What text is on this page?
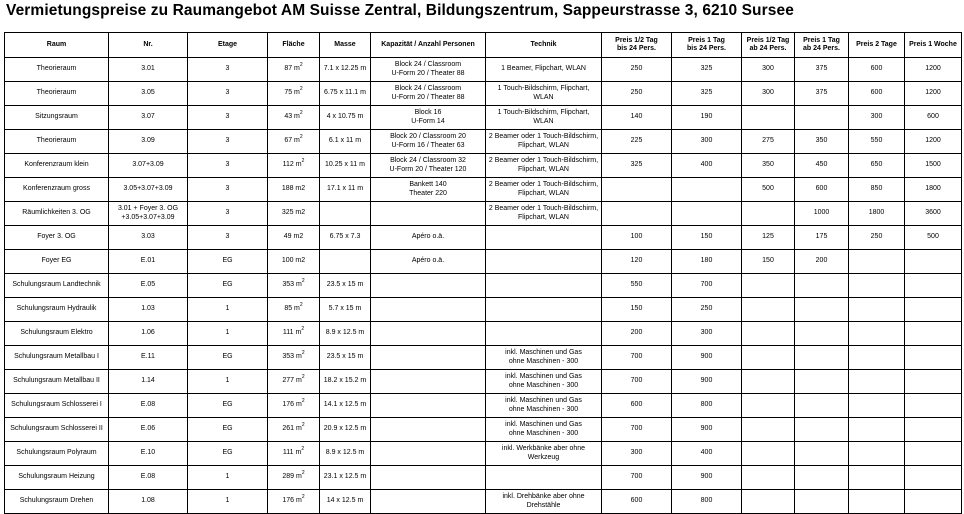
Vermietungspreise zu Raumangebot AM Suisse Zentral, Bildungszentrum, Sappeurstrasse 3, 6210 Sursee
Raum	Nr.	Etage	Fläche	Masse	Kapazität / Anzahl Personen	Technik	Preis 1/2 Tag
bis 24 Pers.	Preis 1 Tag
bis 24 Pers.	Preis 1/2 Tag
ab 24 Pers.	Preis 1 Tag
ab 24 Pers.	Preis 2 Tage	Preis 1 Woche
Theorieraum	3.01	3	87 $m^2$	7.1 x 12.25 m	Block 24 / Classroom
U-Form 20 / Theater 88	1 Beamer, Flipchart, WLAN	250	325	300	375	600	1200
Theorieraum	3.05	3	75 $m^2$	6.75 x 11.1 m	Block 24 / Classroom
U-Form 20 / Theater 88	1 Touch-Bildschirm, Flipchart, WLAN	250	325	300	375	600	1200
Sitzungsraum	3.07	3	43 $m^2$	4 x 10.75 m	Block 16
U-Form 14	1 Touch-Bildschirm, Flipchart, WLAN	140	190			300	600
Theorieraum	3.09	3	67 $m^2$	6.1 x 11 m	Block 20 / Classroom 20
U-Form 16 / Theater 63	2 Beamer oder 1 Touch-Bildschirm,
Flipchart, WLAN	225	300	275	350	550	1200
Konferenzraum klein	3.07+3.09	3	112 $m^2$	10.25 x 11 m	Block 24 / Classroom 32
U-Form 20 / Theater 120	2 Beamer oder 1 Touch-Bildschirm,
Flipchart, WLAN	325	400	350	450	650	1500
Konferenzraum gross	3.05+3.07+3.09	3	188 m2	17.1 x 11 m	Bankett 140
Theater 220	2 Beamer oder 1 Touch-Bildschirm,
Flipchart, WLAN			500	600	850	1800
Räumlichkeiten 3. OG	3.01 + Foyer 3. OG
+3.05+3.07+3.09	3	325 m2			2 Beamer oder 1 Touch-Bildschirm,
Flipchart, WLAN				1000	1800	3600
Foyer 3. OG	3.03	3	49 m2	6.75 x 7.3	Apéro o.ä.		100	150	125	175	250	500
Foyer EG	E.01	EG	100 m2		Apéro o.ä.		120	180	150	200		
Schulungsraum Landtechnik	E.05	EG	353 $m^2$	23.5 x 15 m			550	700				
Schulungsraum Hydraulik	1.03	1	85 $m^2$	5.7 x 15 m			150	250				
Schulungsraum Elektro	1.06	1	111 $m^2$	8.9 x 12.5 m			200	300				
Schulungsraum Metallbau I	E.11	EG	353 $m^2$	23.5 x 15 m		inkl. Maschinen und Gas
ohne Maschinen - 300	700	900				
Schulungsraum Metallbau II	1.14	1	277 $m^2$	18.2 x 15.2 m		inkl. Maschinen und Gas
ohne Maschinen - 300	700	900				
Schulungsraum Schlosserei I	E.08	EG	176 $m^2$	14.1 x 12.5 m		inkl. Maschinen und Gas
ohne Maschinen - 300	600	800				
Schulungsraum Schlosserei II	E.06	EG	261 $m^2$	20.9 x 12.5 m		inkl. Maschinen und Gas
ohne Maschinen - 300	700	900				
Schulungsraum Polyraum	E.10	EG	111 $m^2$	8.9 x 12.5 m		inkl. Werkbänke aber ohne Werkzeug	300	400				
Schulungsraum Heizung	E.08	1	289 $m^2$	23.1 x 12.5 m			700	900				
Schulungsraum Drehen	1.08	1	176 $m^2$	14 x 12.5 m		inkl. Drehbänke aber ohne Drehstähle	600	800				
